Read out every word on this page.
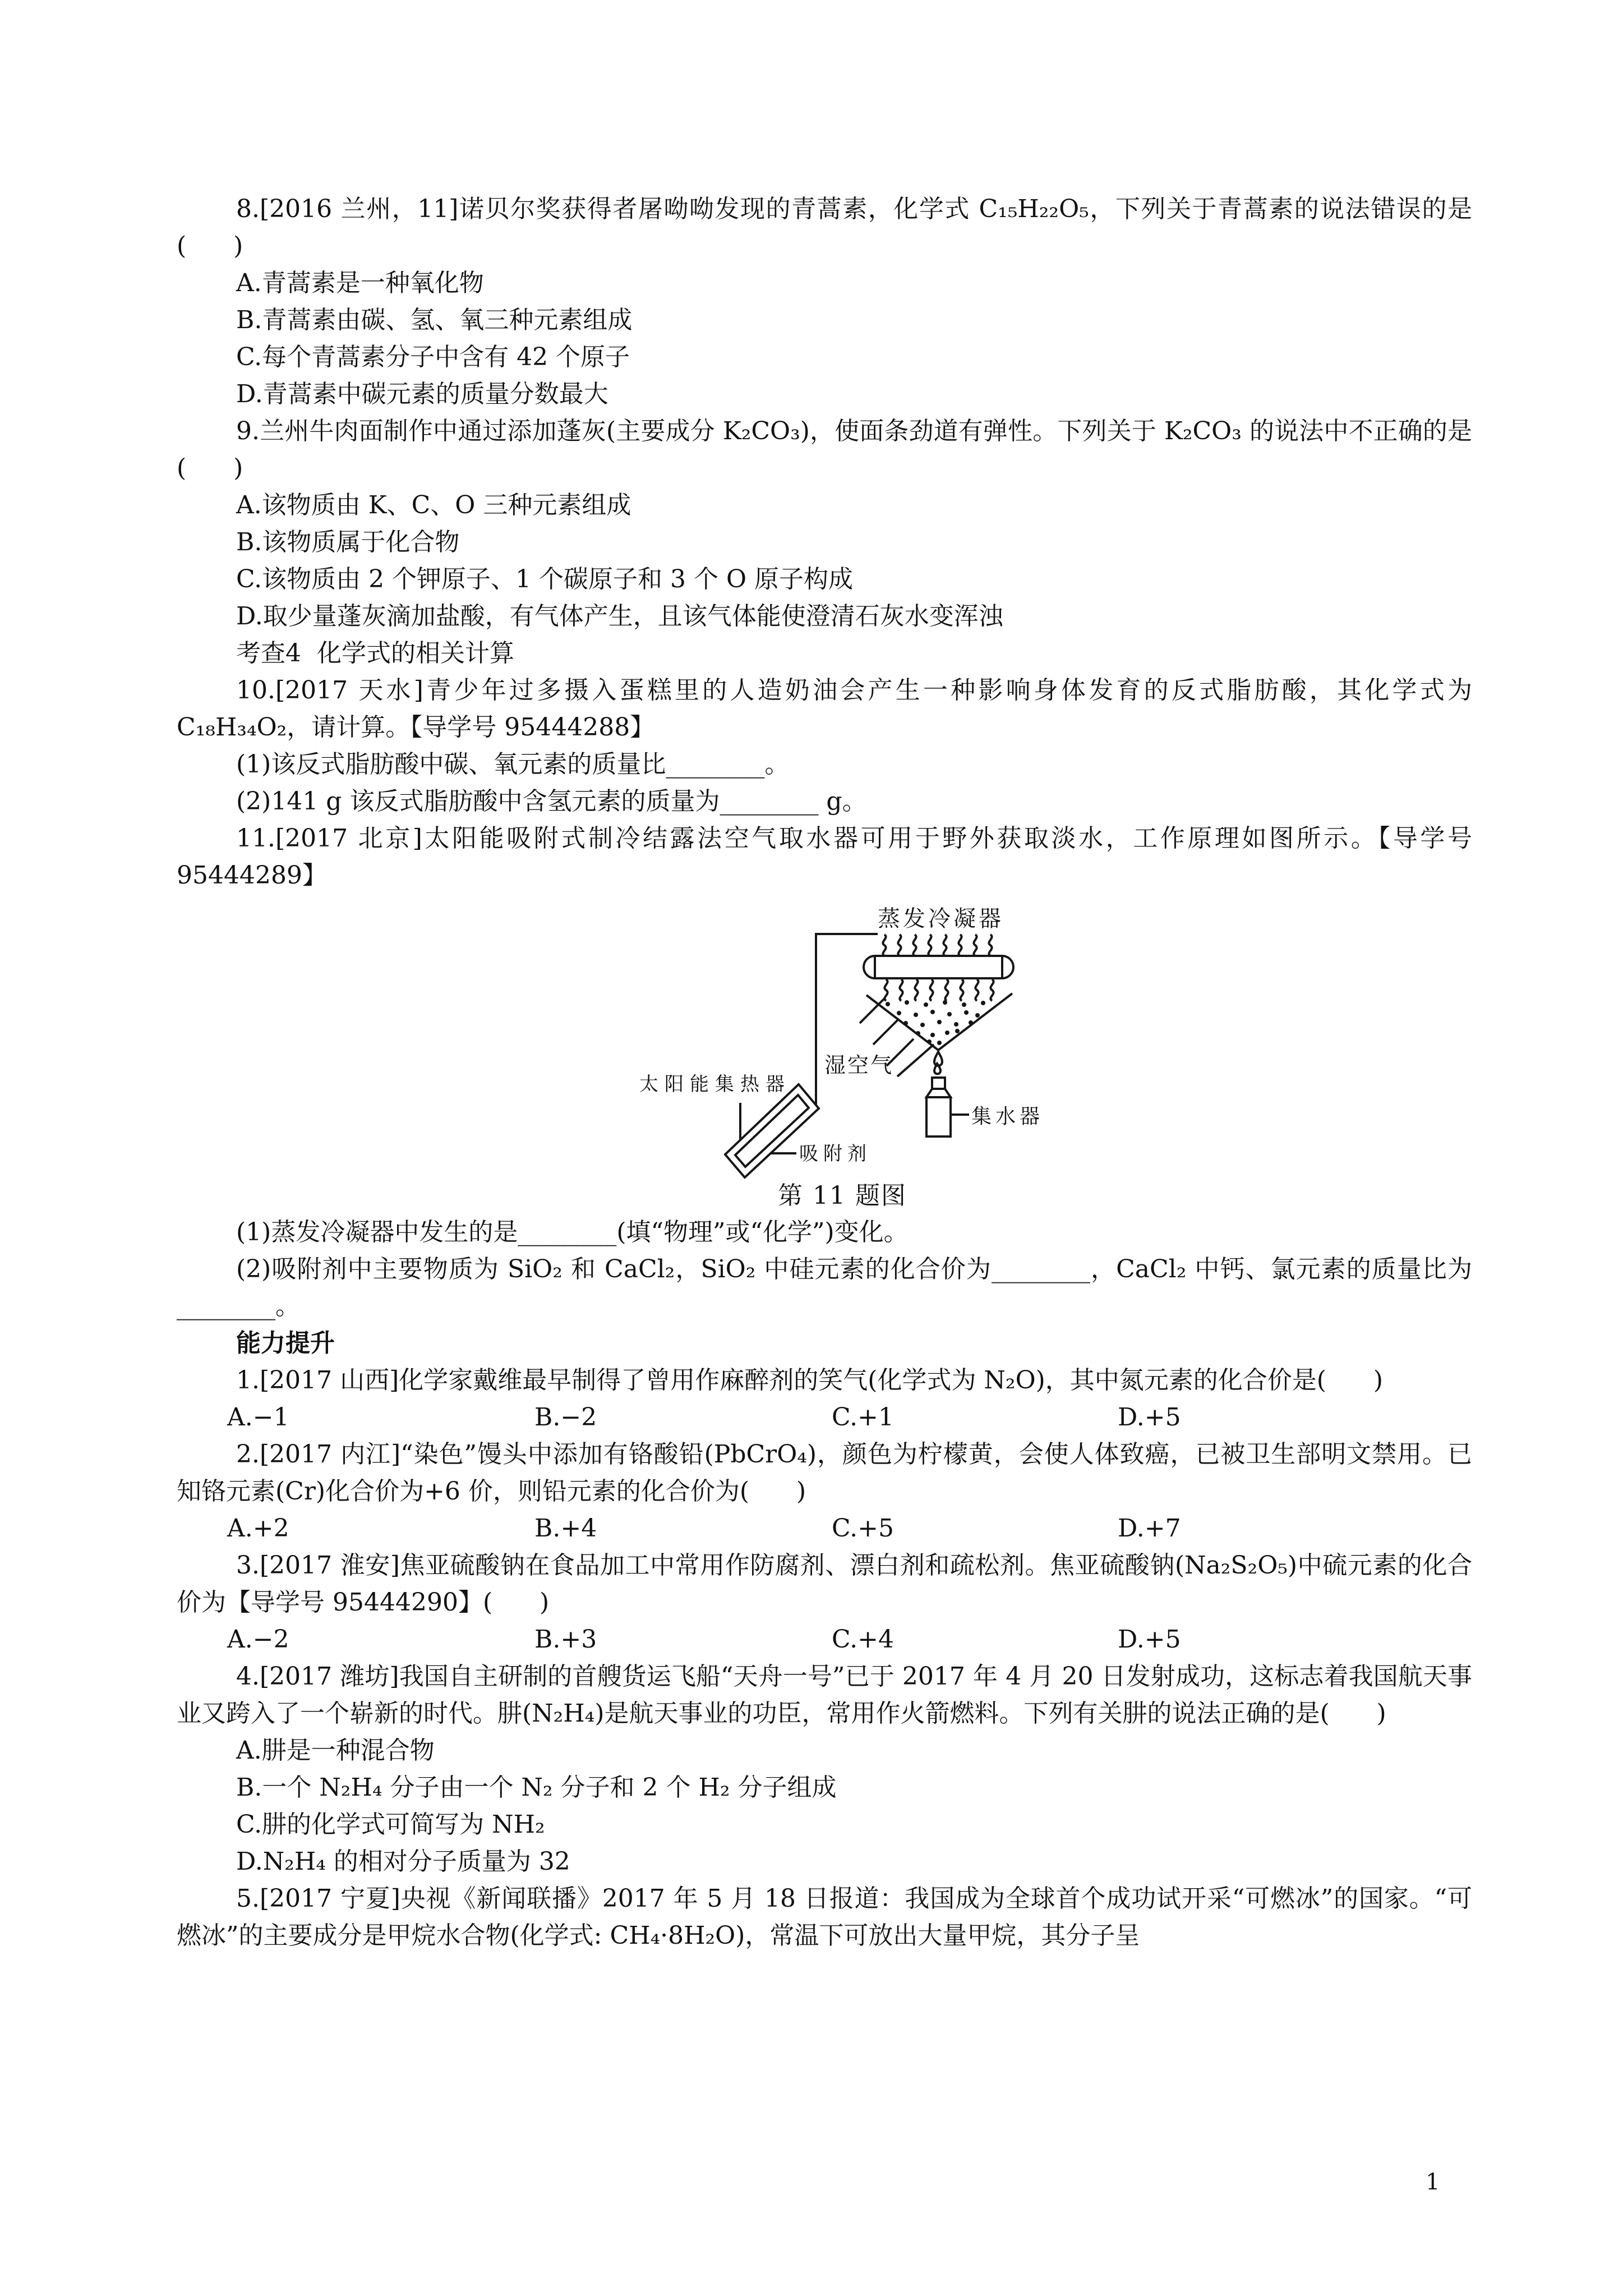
8.[2016 兰州，11]诺贝尔奖获得者屠呦呦发现的青蒿素，化学式 C₁₅H₂₂O₅，下列关于青蒿素的说法错误的是(      )

A.青蒿素是一种氧化物

B.青蒿素由碳、氢、氧三种元素组成

C.每个青蒿素分子中含有 42 个原子

D.青蒿素中碳元素的质量分数最大

9.兰州牛肉面制作中通过添加蓬灰(主要成分 K₂CO₃)，使面条劲道有弹性。下列关于 K₂CO₃ 的说法中不正确的是(      )

A.该物质由 K、C、O 三种元素组成

B.该物质属于化合物

C.该物质由 2 个钾原子、1 个碳原子和 3 个 O 原子构成

D.取少量蓬灰滴加盐酸，有气体产生，且该气体能使澄清石灰水变浑浊

考查4  化学式的相关计算

10.[2017 天水]青少年过多摄入蛋糕里的人造奶油会产生一种影响身体发育的反式脂肪酸，其化学式为 C₁₈H₃₄O₂，请计算。【导学号 95444288】

(1)该反式脂肪酸中碳、氧元素的质量比________。

(2)141 g 该反式脂肪酸中含氢元素的质量为________ g。

11.[2017 北京]太阳能吸附式制冷结露法空气取水器可用于野外获取淡水，工作原理如图所示。【导学号 95444289】

蒸发冷凝器
湿空气
集水器
太阳能集热器
吸附剂
第 11 题图

(1)蒸发冷凝器中发生的是________(填“物理”或“化学”)变化。

(2)吸附剂中主要物质为 SiO₂ 和 CaCl₂，SiO₂ 中硅元素的化合价为________，CaCl₂ 中钙、氯元素的质量比为________。

能力提升

1.[2017 山西]化学家戴维最早制得了曾用作麻醉剂的笑气(化学式为 N₂O)，其中氮元素的化合价是(      )

A.−1	B.−2	C.+1	D.+5

2.[2017 内江]“染色”馒头中添加有铬酸铅(PbCrO₄)，颜色为柠檬黄，会使人体致癌，已被卫生部明文禁用。已知铬元素(Cr)化合价为+6 价，则铅元素的化合价为(      )

A.+2	B.+4	C.+5	D.+7

3.[2017 淮安]焦亚硫酸钠在食品加工中常用作防腐剂、漂白剂和疏松剂。焦亚硫酸钠(Na₂S₂O₅)中硫元素的化合价为【导学号 95444290】(      )

A.−2	B.+3	C.+4	D.+5

4.[2017 潍坊]我国自主研制的首艘货运飞船“天舟一号”已于 2017 年 4 月 20 日发射成功，这标志着我国航天事业又跨入了一个崭新的时代。肼(N₂H₄)是航天事业的功臣，常用作火箭燃料。下列有关肼的说法正确的是(      )

A.肼是一种混合物

B.一个 N₂H₄ 分子由一个 N₂ 分子和 2 个 H₂ 分子组成

C.肼的化学式可简写为 NH₂

D.N₂H₄ 的相对分子质量为 32

5.[2017 宁夏]央视《新闻联播》2017 年 5 月 18 日报道：我国成为全球首个成功试开采“可燃冰”的国家。“可燃冰”的主要成分是甲烷水合物(化学式: CH₄·8H₂O)，常温下可放出大量甲烷，其分子呈

1
